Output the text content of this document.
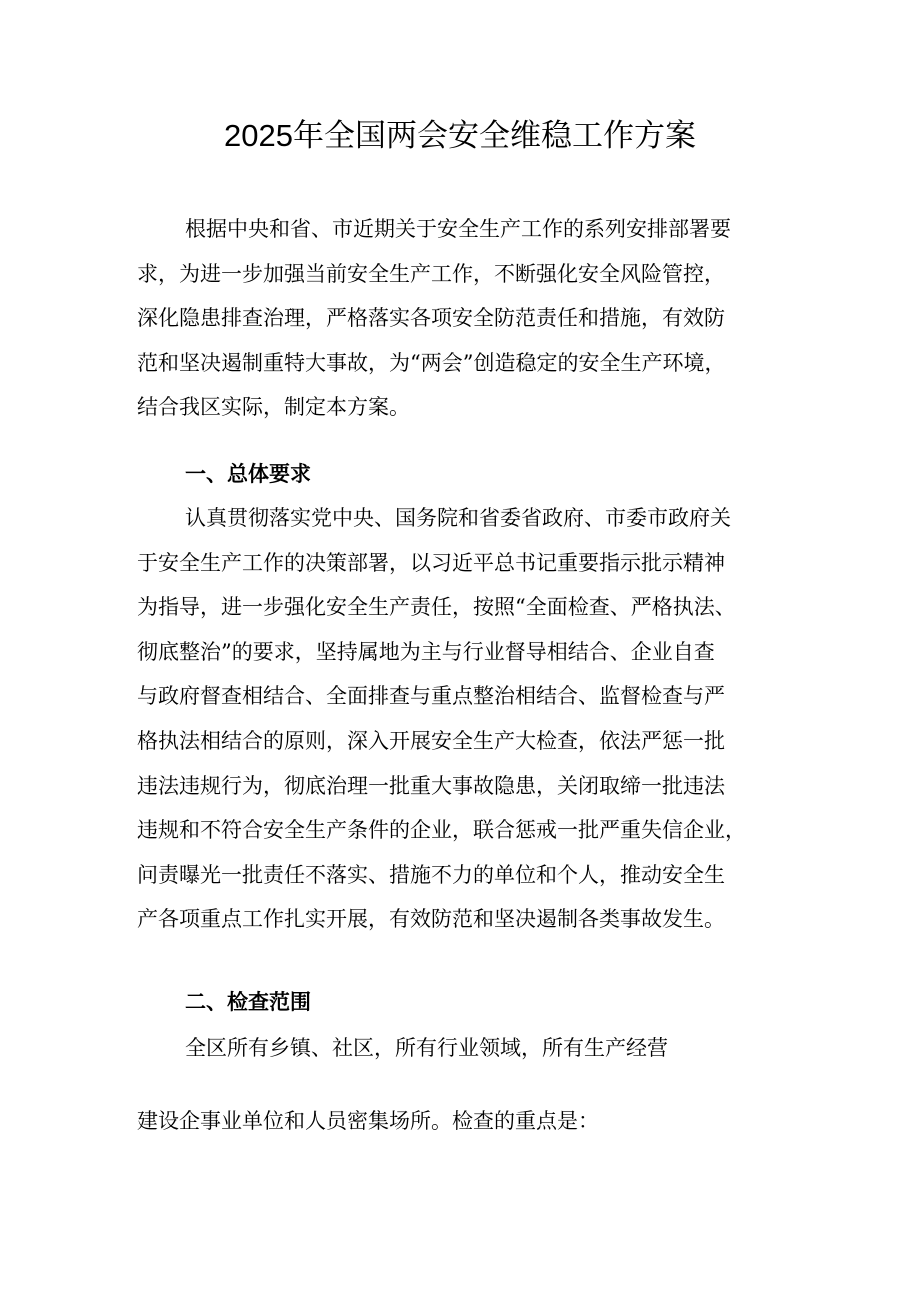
2025年全国两会安全维稳工作方案
根据中央和省、市近期关于安全生产工作的系列安排部署要
求，为进一步加强当前安全生产工作，不断强化安全风险管控，
深化隐患排查治理，严格落实各项安全防范责任和措施，有效防
范和坚决遏制重特大事故，为“两会”创造稳定的安全生产环境，
结合我区实际，制定本方案。
一、总体要求
认真贯彻落实党中央、国务院和省委省政府、市委市政府关
于安全生产工作的决策部署，以习近平总书记重要指示批示精神
为指导，进一步强化安全生产责任，按照“全面检查、严格执法、
彻底整治”的要求，坚持属地为主与行业督导相结合、企业自查
与政府督查相结合、全面排查与重点整治相结合、监督检查与严
格执法相结合的原则，深入开展安全生产大检查，依法严惩一批
违法违规行为，彻底治理一批重大事故隐患，关闭取缔一批违法
违规和不符合安全生产条件的企业，联合惩戒一批严重失信企业，
问责曝光一批责任不落实、措施不力的单位和个人，推动安全生
产各项重点工作扎实开展，有效防范和坚决遏制各类事故发生。
二、检查范围
全区所有乡镇、社区，所有行业领域，所有生产经营
建设企事业单位和人员密集场所。检查的重点是：
